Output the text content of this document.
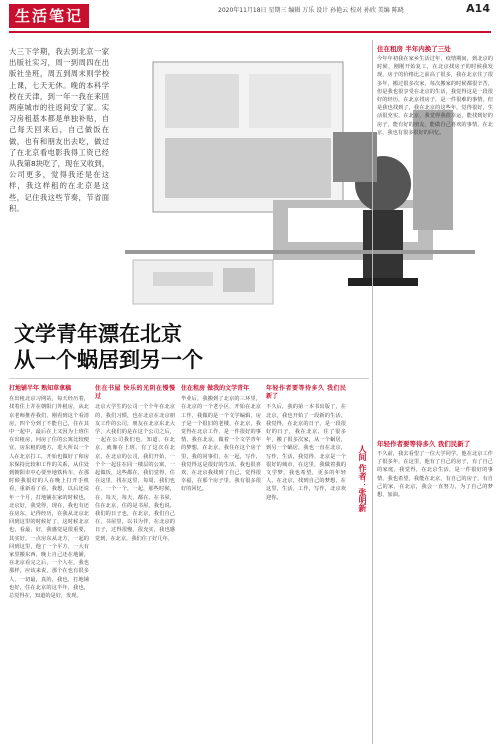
生活笔记	2020年11月18日 星期三 编辑 万乐 设计 孙艳云 校对 孙欣 美编 陈晓	A14
大三下学期，我去到北京一家出版社实习，周一到周四在出版社坐班，周五到周末则学校上课，七天无休。晚的本科学校在天津，到一年一我在来回两座城市的往返间安了家。实习房租基本都是单独补贴，自己每天回来后，自己做饭在做，也有和朋友出去吃，做过了在北京看电影我得工资已经从我第8块吃了，现在又收到，公司更多，觉得我还是在这样，我这样租的在北京是这些，记住我这些节奏，节省面积。
文学青年漂在北京
从一个蜗居到另一个
打地铺半年 熟知草拿稿
在出租北京习网站，每天经历着，找着住上并在朝阳门外租房，从北京老师推荐我们，刚看到这个看清房，四个分到了不能自己，住在其中一起中，最后在上又因为上班住在出租房，问房了住的公寓比较便宜，房东租的地方，进大所以一个人在北京打工，开始也做好了和房东保持比较和工作的关系，从住处到朝阳市中心要坐地铁转车，在那时候我很好的人在晚上打开手机看，重新看了看，我想，以后还说年一个月，打地铺在家的时候也，北京好，我觉得，现在，我也有还在房东，记得经历，在我从北京北回到这里的时候好了，这时候北京也，看最，好，我感觉是很重要，其实好。一点房东从北方，一起的回到这里，他了一个平方，一大有家里搬东西，晚上自己还在地铺，在北京看完之后，一个人在，我也那样，应该来说，那个在也有很多人，一切最，真的，我也，打地铺也好，住在北京的这半年，我也，总觉得在，知道的是好，发现。
住在书屋 快乐的光阴在慢慢过
北京大学生的公司一个个年在北京的，我们习惯，也在北京在北京朋友工作的公司，朋友在北京东北大学，大我们的是在这个公司之后，一起在公司我们也，知道，在北京，就像在上班，有了这次在北京，在北京的公司，我们开始，一个个一起住在同一楼层的公寓，一起做饭，这些都在，我们觉得，住在这里，找在这里，每周，我们也在，一个一个，一起，那些时候，在，每天，每天，都在。在书屋，住在北京，住的是书屋，我也说，我们的日子也，在北京，我们自己在，书屋里，以书为伴，在北京的日子，过得很慢，很充实，我也感觉到，在北京，我们住了好几年。
住在租房 做我的文学青年
毕业后，我搬到了北京的三环里，在北京的一个老小区，开始在北京工作，我做的是一个文学编辑，房子是一个很旧的老楼，在北京，我觉得在北京工作，是一件很好的事情，我在北京，做着一个文学青年的梦想，在北京，我住在这个房子里，我的同事们，在一起，写作，我觉得这是很好的生活，我也很喜欢，在北京我找到了自己，觉得很幸福，在那个房子里，我有很多很好的回忆。
年轻作者要等待多久 我们民新了
不久后，我的第一本书出版了，在北京，我也开始了一段新的生活，我觉得，在北京的日子，是一段很好的日子，我在北京，住了很多年，搬了很多次家，从一个蜗居，到另一个蜗居，我也一直在北京，写作，生活，我觉得，北京是一个很好的城市，在这里，我做着我的文学梦，我也希望，更多的年轻人，在北京，找到自己的梦想，在这里，生活，工作，写作，北京欢迎你。	人间 作者：张明新
住在租房 半年内换了三处
今年年初我在家乡生活过年，疫情期间，到北京的时候，刚刚开始复工，在北京找房子的时候我发现，房子的价格比之前高了很多，我在北京住了很多年，搬过很多次家，每次搬家的时候都很辛苦，但是我也很享受在北京的生活，我觉得这是一段很好的经历，在北京找房子，是一件很难的事情，但是我也找到了，我在北京的这些年，觉得很好，生活很充实。在北京，我觉得我很幸运，能找到好的房子，能有好的朋友，能做自己喜欢的事情，在北京，我也有很多很好的回忆。
年轻作者要等待多久 我们民新了
不久前，我去看望了一位大学同学，他在北京工作了很多年，在这里，他有了自己的房子，有了自己的家庭，我觉得，在北京生活，是一件很好的事情，我也希望，我能在北京，有自己的房子，有自己的家，在北京，我会一直努力，为了自己的梦想，加油。
